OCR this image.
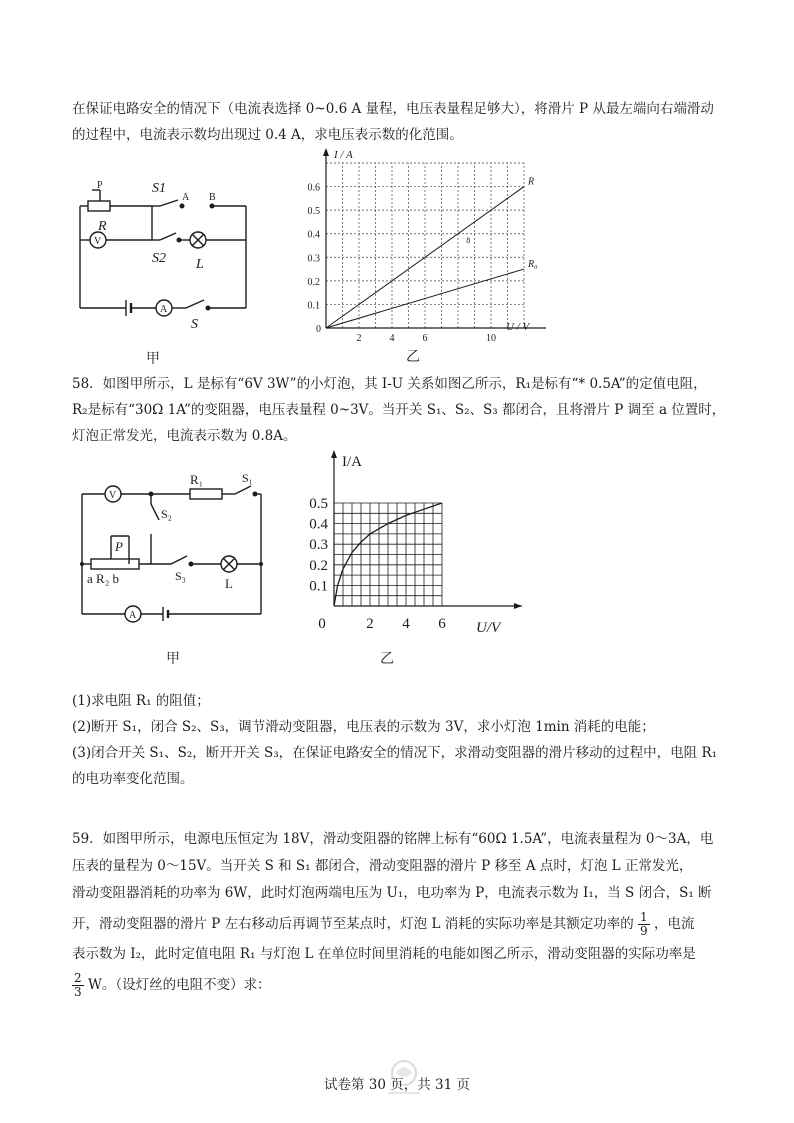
在保证电路安全的情况下（电流表选择 0~0.6 A 量程，电压表量程足够大），将滑片 P 从最左端向右端滑动
的过程中，电流表示数均出现过 0.4 A，求电压表示数的化范围。
P
R
S1
A B
V
S2 L
A
S
甲
I / A
U / V
0.6
0.5
0.4
0.3
0.2
0.1
2	4	6	10
0
R
R₀
8
乙
58．如图甲所示，L 是标有“6V 3W”的小灯泡，其 I-U 关系如图乙所示，R₁是标有“* 0.5A”的定值电阻，
R₂是标有“30Ω 1A”的变阻器，电压表量程 0~3V。当开关 S₁、S₂、S₃ 都闭合，且将滑片 P 调至 a 位置时，
灯泡正常发光，电流表示数为 0.8A。
V
R₁	S₁
S₂
P
a R₂ b	S₃	L
A
甲
I/A
U/V
0.5
0.4
0.3
0.2
0.1
0	2 4 6
乙
(1)求电阻 R₁ 的阻值；
(2)断开 S₁，闭合 S₂、S₃，调节滑动变阻器，电压表的示数为 3V，求小灯泡 1min 消耗的电能；
(3)闭合开关 S₁、S₂，断开开关 S₃，在保证电路安全的情况下，求滑动变阻器的滑片移动的过程中，电阻 R₁
的电功率变化范围。
59．如图甲所示，电源电压恒定为 18V，滑动变阻器的铭牌上标有“60Ω 1.5A”，电流表量程为 0～3A，电
压表的量程为 0～15V。当开关 S 和 S₁ 都闭合，滑动变阻器的滑片 P 移至 A 点时，灯泡 L 正常发光，
滑动变阻器消耗的功率为 6W，此时灯泡两端电压为 U₁，电功率为 P，电流表示数为 I₁，当 S 闭合，S₁ 断
开，滑动变阻器的滑片 P 左右移动后再调节至某点时，灯泡 L 消耗的实际功率是其额定功率的 $\frac{1}{9}$ ，电流
表示数为 I₂，此时定值电阻 R₁ 与灯泡 L 在单位时间里消耗的电能如图乙所示，滑动变阻器的实际功率是
$\frac{2}{3}$ W。（设灯丝的电阻不变）求：
试卷第 30 页，共 31 页
